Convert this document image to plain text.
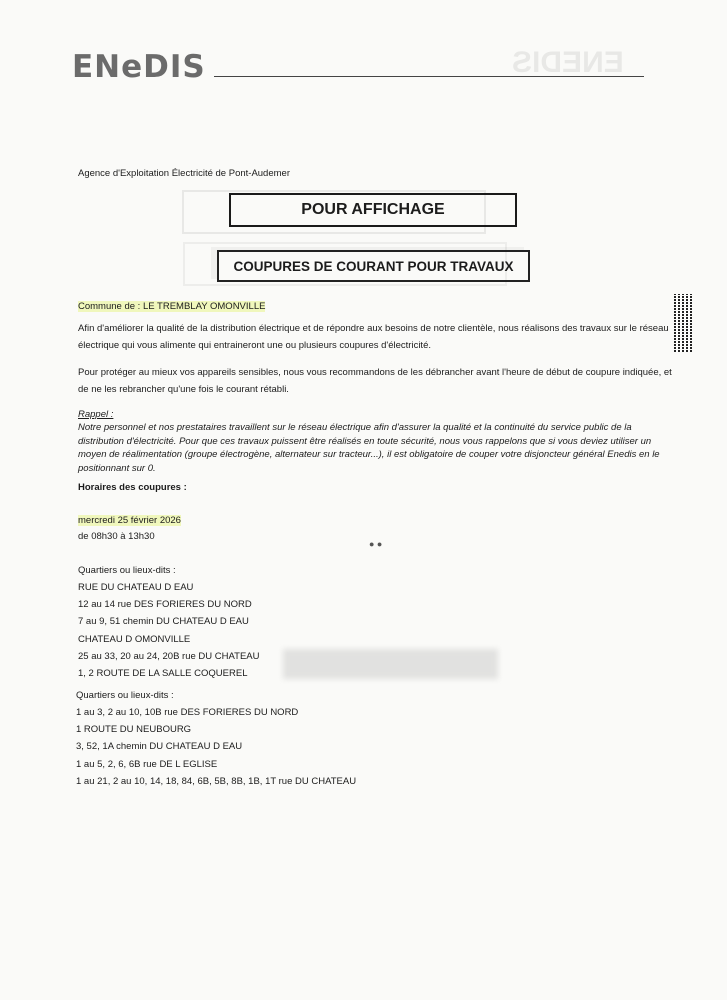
ENEDIS
ENeDIS
Agence d'Exploitation Électricité de Pont-Audemer
POUR AFFICHAGE
COUPURES DE COURANT POUR TRAVAUX
Commune de : LE TREMBLAY OMONVILLE
Afin d'améliorer la qualité de la distribution électrique et de répondre aux besoins de notre clientèle, nous réalisons des travaux sur le réseau électrique qui vous alimente qui entraineront une ou plusieurs coupures d'électricité.
Pour protéger au mieux vos appareils sensibles, nous vous recommandons de les débrancher avant l'heure de début de coupure indiquée, et de ne les rebrancher qu'une fois le courant rétabli.
Rappel :
Notre personnel et nos prestataires travaillent sur le réseau électrique afin d'assurer la qualité et la continuité du service public de la distribution d'électricité. Pour que ces travaux puissent être réalisés en toute sécurité, nous vous rappelons que si vous deviez utiliser un moyen de réalimentation (groupe électrogène, alternateur sur tracteur...), il est obligatoire de couper votre disjoncteur général Enedis en le positionnant sur 0.
Horaires des coupures :
mercredi 25 février 2026
de 08h30 à 13h30
● ●
Quartiers ou lieux-dits :
RUE DU CHATEAU D EAU
12 au 14 rue DES FORIERES DU NORD
7 au 9, 51 chemin DU CHATEAU D EAU
CHATEAU D OMONVILLE
25 au 33, 20 au 24, 20B rue DU CHATEAU
1, 2 ROUTE DE LA SALLE COQUEREL
Quartiers ou lieux-dits :
1 au 3, 2 au 10, 10B rue DES FORIERES DU NORD
1 ROUTE DU NEUBOURG
3, 52, 1A chemin DU CHATEAU D EAU
1 au 5, 2, 6, 6B rue DE L EGLISE
1 au 21, 2 au 10, 14, 18, 84, 6B, 5B, 8B, 1B, 1T rue DU CHATEAU
